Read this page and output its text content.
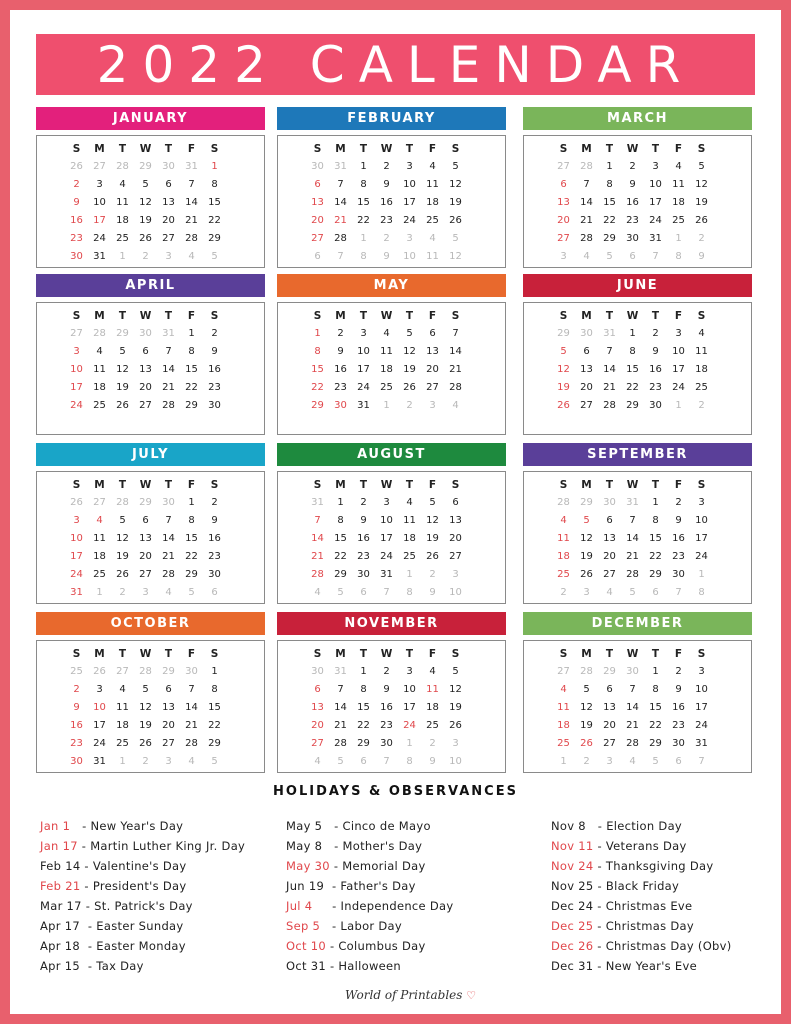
2022 CALENDAR
JANUARY
S	M	T	W	T	F	S
26	27	28	29	30	31	1
2	3	4	5	6	7	8
9	10	11	12	13	14	15
16	17	18	19	20	21	22
23	24	25	26	27	28	29
30	31	1	2	3	4	5
FEBRUARY
S	M	T	W	T	F	S
30	31	1	2	3	4	5
6	7	8	9	10	11	12
13	14	15	16	17	18	19
20	21	22	23	24	25	26
27	28	1	2	3	4	5
6	7	8	9	10	11	12
MARCH
S	M	T	W	T	F	S
27	28	1	2	3	4	5
6	7	8	9	10	11	12
13	14	15	16	17	18	19
20	21	22	23	24	25	26
27	28	29	30	31	1	2
3	4	5	6	7	8	9
APRIL
S	M	T	W	T	F	S
27	28	29	30	31	1	2
3	4	5	6	7	8	9
10	11	12	13	14	15	16
17	18	19	20	21	22	23
24	25	26	27	28	29	30
MAY
S	M	T	W	T	F	S
1	2	3	4	5	6	7
8	9	10	11	12	13	14
15	16	17	18	19	20	21
22	23	24	25	26	27	28
29	30	31	1	2	3	4
JUNE
S	M	T	W	T	F	S
29	30	31	1	2	3	4
5	6	7	8	9	10	11
12	13	14	15	16	17	18
19	20	21	22	23	24	25
26	27	28	29	30	1	2
JULY
S	M	T	W	T	F	S
26	27	28	29	30	1	2
3	4	5	6	7	8	9
10	11	12	13	14	15	16
17	18	19	20	21	22	23
24	25	26	27	28	29	30
31	1	2	3	4	5	6
AUGUST
S	M	T	W	T	F	S
31	1	2	3	4	5	6
7	8	9	10	11	12	13
14	15	16	17	18	19	20
21	22	23	24	25	26	27
28	29	30	31	1	2	3
4	5	6	7	8	9	10
SEPTEMBER
S	M	T	W	T	F	S
28	29	30	31	1	2	3
4	5	6	7	8	9	10
11	12	13	14	15	16	17
18	19	20	21	22	23	24
25	26	27	28	29	30	1
2	3	4	5	6	7	8
OCTOBER
S	M	T	W	T	F	S
25	26	27	28	29	30	1
2	3	4	5	6	7	8
9	10	11	12	13	14	15
16	17	18	19	20	21	22
23	24	25	26	27	28	29
30	31	1	2	3	4	5
NOVEMBER
S	M	T	W	T	F	S
30	31	1	2	3	4	5
6	7	8	9	10	11	12
13	14	15	16	17	18	19
20	21	22	23	24	25	26
27	28	29	30	1	2	3
4	5	6	7	8	9	10
DECEMBER
S	M	T	W	T	F	S
27	28	29	30	1	2	3
4	5	6	7	8	9	10
11	12	13	14	15	16	17
18	19	20	21	22	23	24
25	26	27	28	29	30	31
1	2	3	4	5	6	7
HOLIDAYS & OBSERVANCES
Jan 1   - New Year's Day
Jan 17 - Martin Luther King Jr. Day
Feb 14 - Valentine's Day
Feb 21 - President's Day
Mar 17 - St. Patrick's Day
Apr 17  - Easter Sunday
Apr 18  - Easter Monday
Apr 15  - Tax Day
May 5   - Cinco de Mayo
May 8   - Mother's Day
May 30 - Memorial Day
Jun 19  - Father's Day
Jul 4     - Independence Day
Sep 5   - Labor Day
Oct 10 - Columbus Day
Oct 31 - Halloween
Nov 8   - Election Day
Nov 11 - Veterans Day
Nov 24 - Thanksgiving Day
Nov 25 - Black Friday
Dec 24 - Christmas Eve
Dec 25 - Christmas Day
Dec 26 - Christmas Day (Obv)
Dec 31 - New Year's Eve
World of Printables ♡
